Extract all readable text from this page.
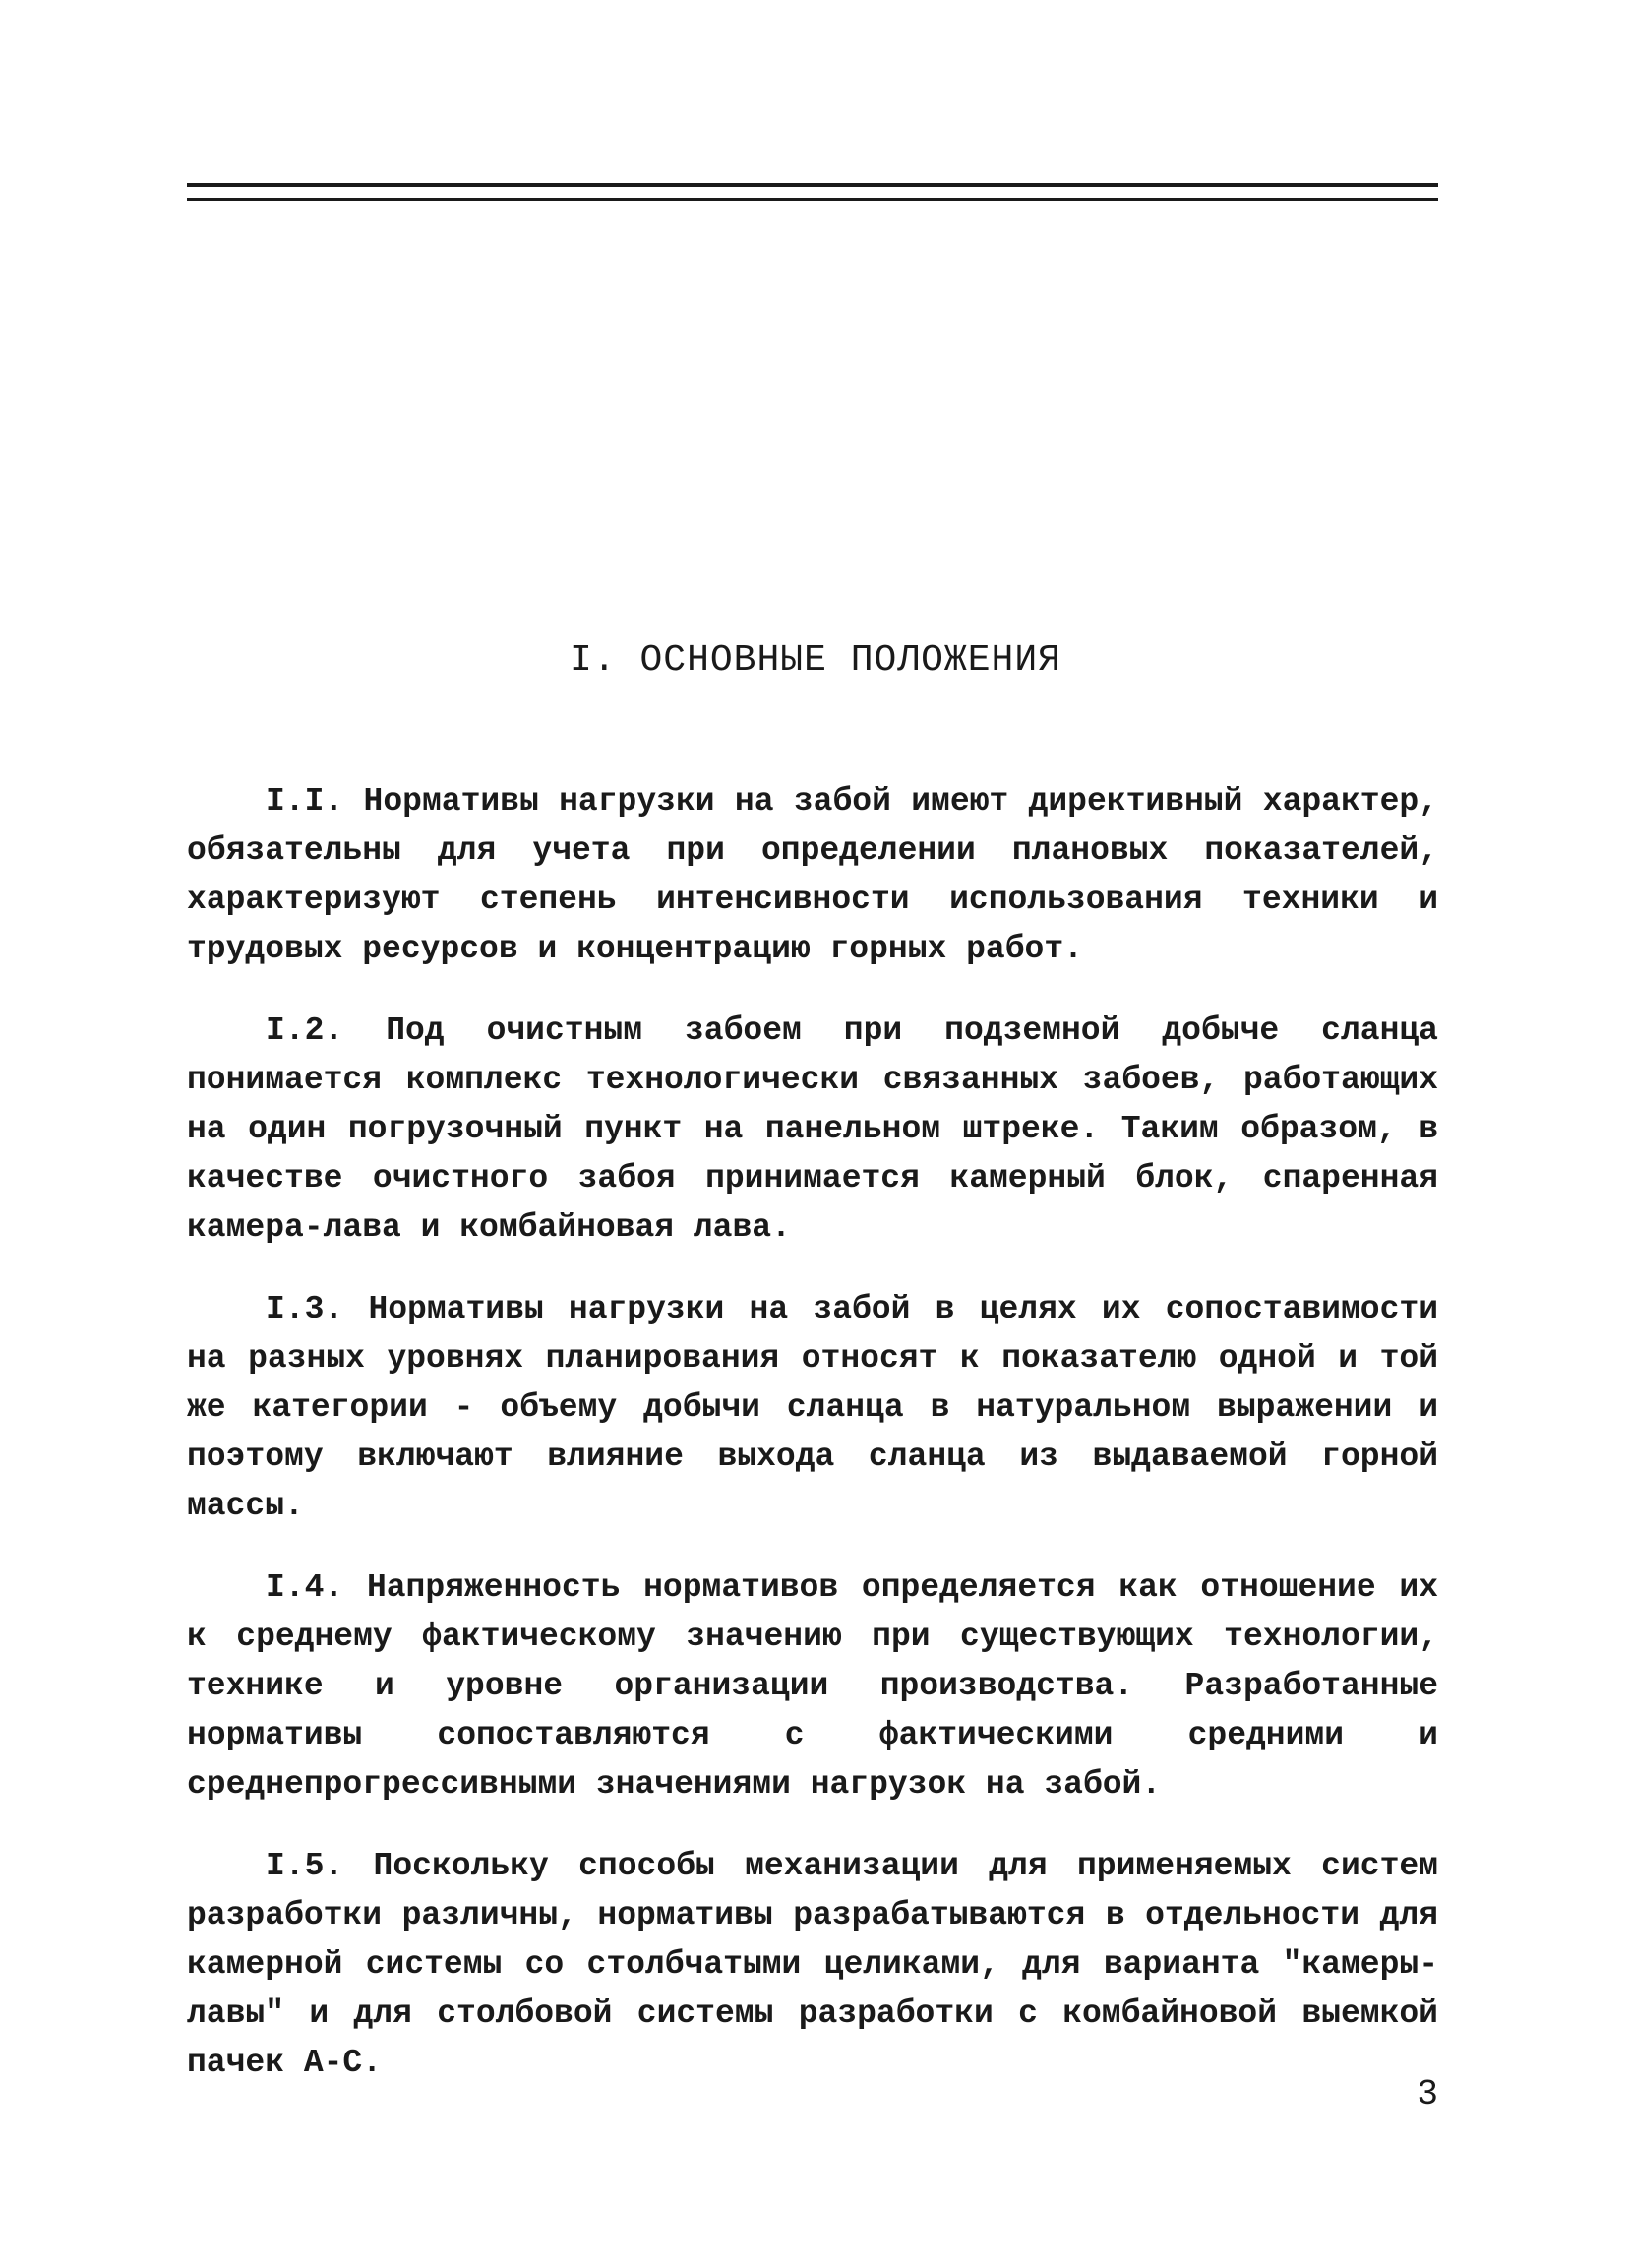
I. ОСНОВНЫЕ ПОЛОЖЕНИЯ

I.I. Нормативы нагрузки на забой имеют директивный характер, обязательны для учета при определении плановых показателей, характеризуют степень интенсивности использования техники и трудовых ресурсов и концентрацию горных работ.

I.2. Под очистным забоем при подземной добыче сланца понимается комплекс технологически связанных забоев, работающих на один погрузочный пункт на панельном штреке. Таким образом, в качестве очистного забоя принимается камерный блок, спаренная камера-лава и комбайновая лава.

I.3. Нормативы нагрузки на забой в целях их сопоставимости на разных уровнях планирования относят к показателю одной и той же категории - объему добычи сланца в натуральном выражении и поэтому включают влияние выхода сланца из выдаваемой горной массы.

I.4. Напряженность нормативов определяется как отношение их к среднему фактическому значению при существующих технологии, технике и уровне организации производства. Разработанные нормативы сопоставляются с фактическими средними и среднепрогрессивными значениями нагрузок на забой.

I.5. Поскольку способы механизации для применяемых систем разработки различны, нормативы разрабатываются в отдельности для камерной системы со столбчатыми целиками, для варианта "камеры-лавы" и для столбовой системы разработки с комбайновой выемкой пачек А-С.

3
